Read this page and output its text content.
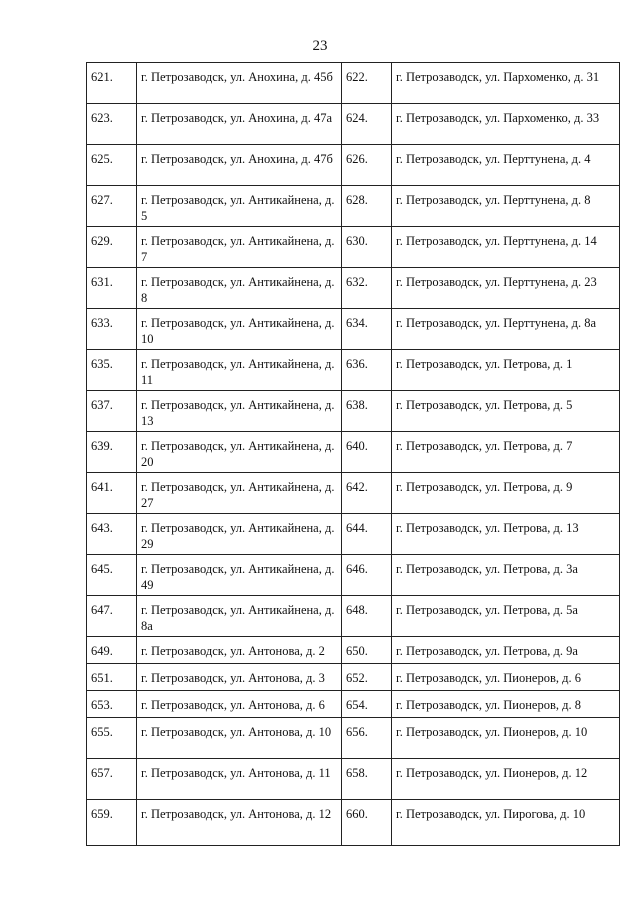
23
621.	г. Петрозаводск, ул. Анохина, д. 45б	622.	г. Петрозаводск, ул. Пархоменко, д. 31
623.	г. Петрозаводск, ул. Анохина, д. 47а	624.	г. Петрозаводск, ул. Пархоменко, д. 33
625.	г. Петрозаводск, ул. Анохина, д. 47б	626.	г. Петрозаводск, ул. Перттунена, д. 4
627.	г. Петрозаводск, ул. Антикайнена, д. 5	628.	г. Петрозаводск, ул. Перттунена, д. 8
629.	г. Петрозаводск, ул. Антикайнена, д. 7	630.	г. Петрозаводск, ул. Перттунена, д. 14
631.	г. Петрозаводск, ул. Антикайнена, д. 8	632.	г. Петрозаводск, ул. Перттунена, д. 23
633.	г. Петрозаводск, ул. Антикайнена, д. 10	634.	г. Петрозаводск, ул. Перттунена, д. 8а
635.	г. Петрозаводск, ул. Антикайнена, д. 11	636.	г. Петрозаводск, ул. Петрова, д. 1
637.	г. Петрозаводск, ул. Антикайнена, д. 13	638.	г. Петрозаводск, ул. Петрова, д. 5
639.	г. Петрозаводск, ул. Антикайнена, д. 20	640.	г. Петрозаводск, ул. Петрова, д. 7
641.	г. Петрозаводск, ул. Антикайнена, д. 27	642.	г. Петрозаводск, ул. Петрова, д. 9
643.	г. Петрозаводск, ул. Антикайнена, д. 29	644.	г. Петрозаводск, ул. Петрова, д. 13
645.	г. Петрозаводск, ул. Антикайнена, д. 49	646.	г. Петрозаводск, ул. Петрова, д. 3а
647.	г. Петрозаводск, ул. Антикайнена, д. 8а	648.	г. Петрозаводск, ул. Петрова, д. 5а
649.	г. Петрозаводск, ул. Антонова, д. 2	650.	г. Петрозаводск, ул. Петрова, д. 9а
651.	г. Петрозаводск, ул. Антонова, д. 3	652.	г. Петрозаводск, ул. Пионеров, д. 6
653.	г. Петрозаводск, ул. Антонова, д. 6	654.	г. Петрозаводск, ул. Пионеров, д. 8
655.	г. Петрозаводск, ул. Антонова, д. 10	656.	г. Петрозаводск, ул. Пионеров, д. 10
657.	г. Петрозаводск, ул. Антонова, д. 11	658.	г. Петрозаводск, ул. Пионеров, д. 12
659.	г. Петрозаводск, ул. Антонова, д. 12	660.	г. Петрозаводск, ул. Пирогова, д. 10
